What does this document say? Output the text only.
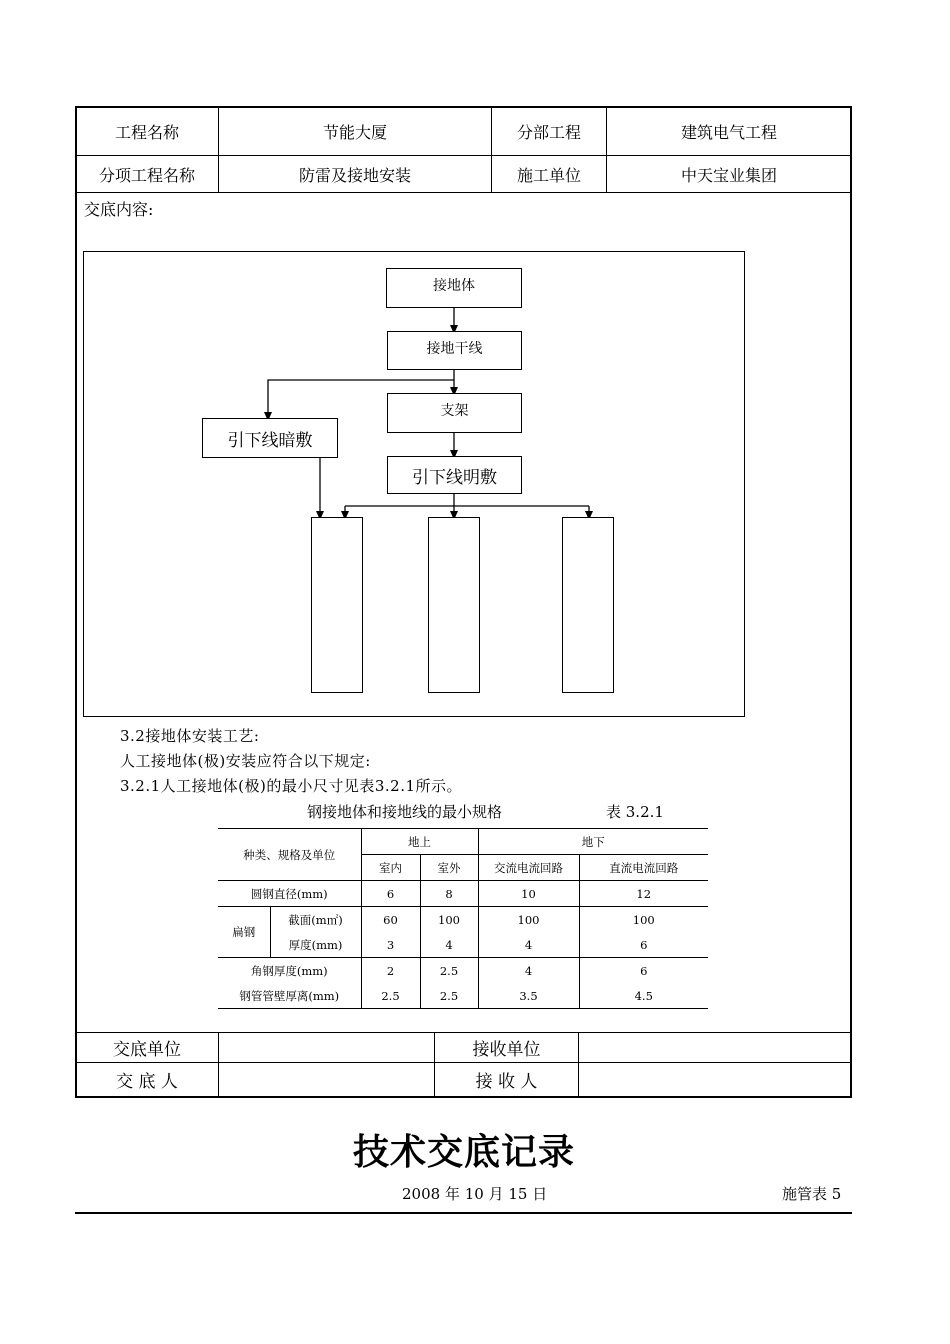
工程名称	节能大厦	分部工程	建筑电气工程
分项工程名称	防雷及接地安装	施工单位	中天宝业集团
交底内容:
接地体
接地干线
支架
引下线暗敷
引下线明敷
3.2接地体安装工艺:
人工接地体(极)安装应符合以下规定:
3.2.1人工接地体(极)的最小尺寸见表3.2.1所示。
钢接地体和接地线的最小规格	表 3.2.1
种类、规格及单位		地上		地下	
		室内	室外	交流电流回路	直流电流回路
圆钢直径(mm)		6	8	10	12
扁钢	截面(m㎡)	60	100	100	100
	厚度(mm)	3	4	4	6
角钢厚度(mm)		2	2.5	4	6
钢管管壁厚离(mm)		2.5	2.5	3.5	4.5
交底单位	接收单位
交 底 人	接 收 人
技术交底记录
2008 年 10 月 15 日	施管表 5
